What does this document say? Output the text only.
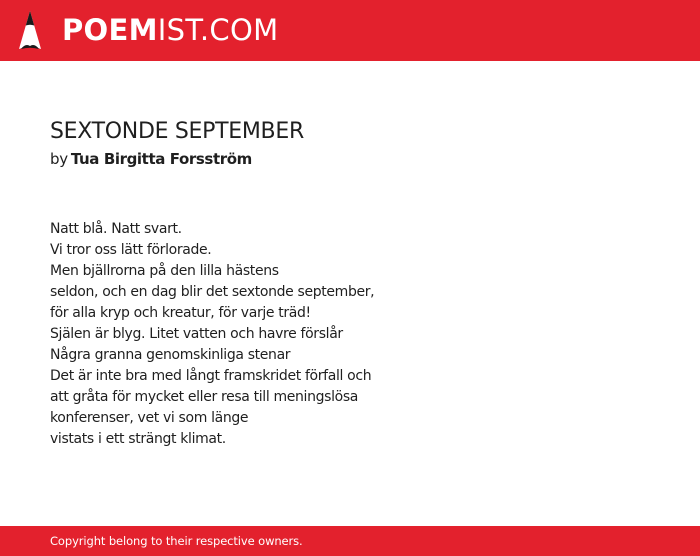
POEMIST.COM
SEXTONDE SEPTEMBER
by Tua Birgitta Forsström
Natt blå. Natt svart.
Vi tror oss lätt förlorade.
Men bjällrorna på den lilla hästens
seldon, och en dag blir det sextonde september,
för alla kryp och kreatur, för varje träd!
Själen är blyg. Litet vatten och havre förslår
Några granna genomskinliga stenar
Det är inte bra med långt framskridet förfall och
att gråta för mycket eller resa till meningslösa
konferenser, vet vi som länge
vistats i ett strängt klimat.
Copyright belong to their respective owners.
